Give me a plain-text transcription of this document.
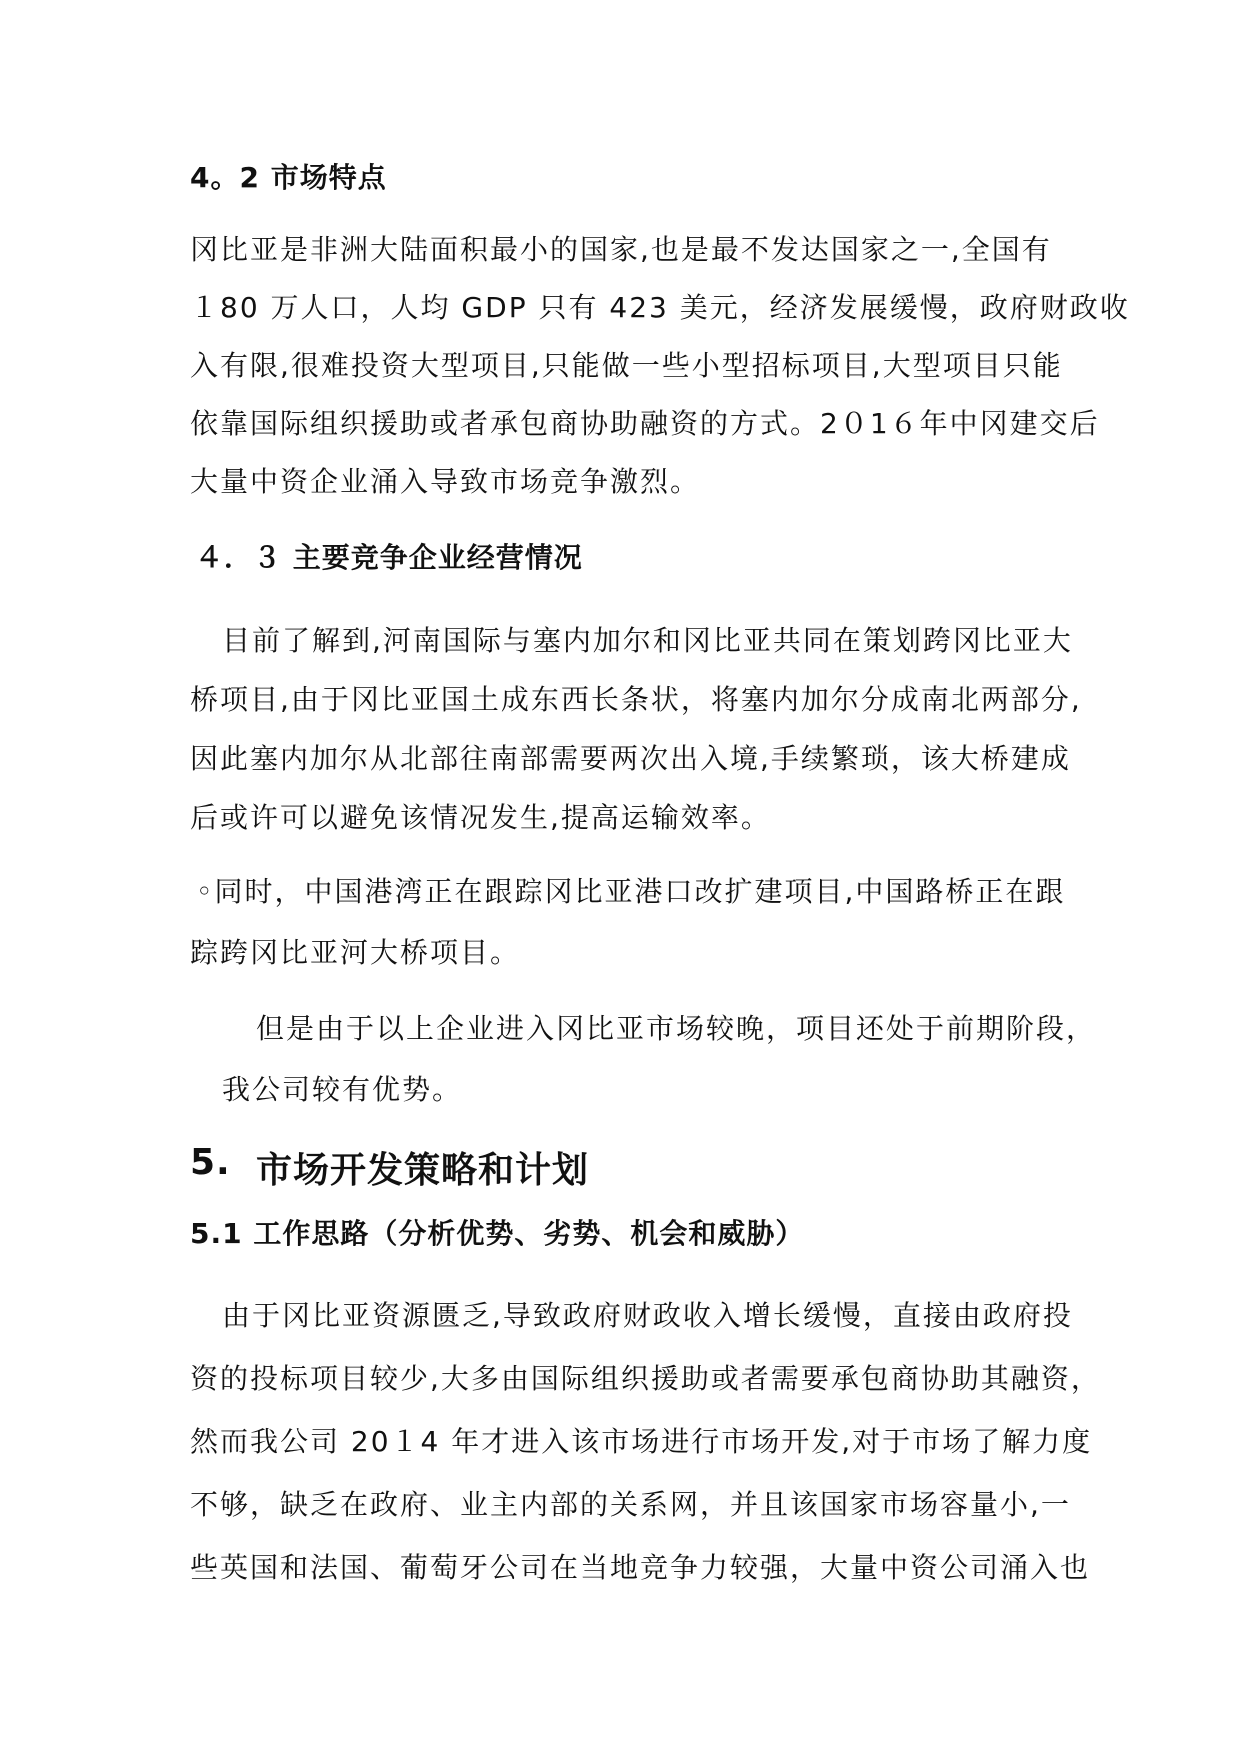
4。2 市场特点
冈比亚是非洲大陆面积最小的国家,也是最不发达国家之一,全国有
１80 万人口，人均 GDP 只有 423 美元，经济发展缓慢，政府财政收
入有限,很难投资大型项目,只能做一些小型招标项目,大型项目只能
依靠国际组织援助或者承包商协助融资的方式。2０1６年中冈建交后
大量中资企业涌入导致市场竞争激烈。
４．３ 主要竞争企业经营情况
目前了解到,河南国际与塞内加尔和冈比亚共同在策划跨冈比亚大
桥项目,由于冈比亚国土成东西长条状，将塞内加尔分成南北两部分,
因此塞内加尔从北部往南部需要两次出入境,手续繁琐，该大桥建成
后或许可以避免该情况发生,提高运输效率。
◦同时，中国港湾正在跟踪冈比亚港口改扩建项目,中国路桥正在跟
踪跨冈比亚河大桥项目。
但是由于以上企业进入冈比亚市场较晚，项目还处于前期阶段，
我公司较有优势。
5. 市场开发策略和计划
5.1 工作思路（分析优势、劣势、机会和威胁）
由于冈比亚资源匮乏,导致政府财政收入增长缓慢，直接由政府投
资的投标项目较少,大多由国际组织援助或者需要承包商协助其融资，
然而我公司 20１4 年才进入该市场进行市场开发,对于市场了解力度
不够，缺乏在政府、业主内部的关系网，并且该国家市场容量小,一
些英国和法国、葡萄牙公司在当地竞争力较强，大量中资公司涌入也
